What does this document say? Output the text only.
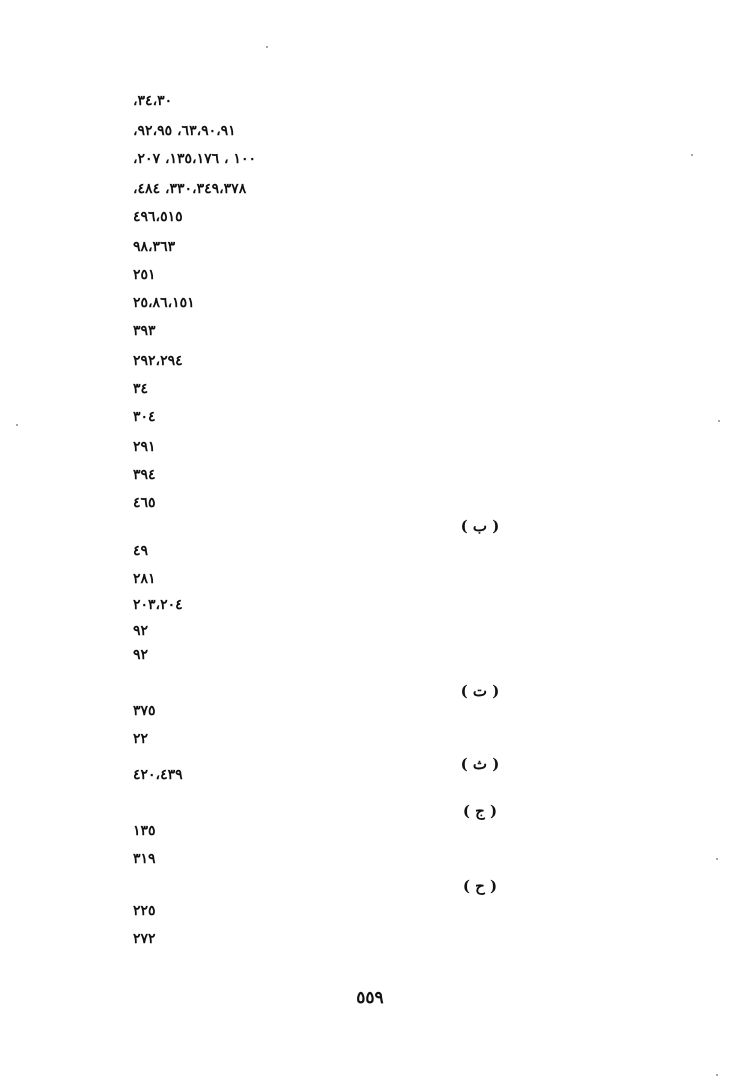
٣٤،٣٠،
٦٣،٩٠،٩١، ٩٢،٩٥،
١٠٠ ، ١٣٥،١٧٦، ٢٠٧،
٣٣٠،٣٤٩،٣٧٨، ٤٨٤،
٤٩٦،٥١٥
٩٨،٣٦٣
٢٥١
٢٥،٨٦،١٥١
٣٩٣
٢٩٢،٢٩٤
٣٤
٣٠٤
٢٩١
٣٩٤
٤٦٥
( ب )
٤٩
٢٨١
٢٠٣،٢٠٤
٩٢
٩٢
( ت )
٣٧٥
٢٢
( ث )
٤٢٠،٤٣٩
( ج )
١٣٥
٣١٩
( ح )
٢٢٥
٢٧٢
٥٥٩
